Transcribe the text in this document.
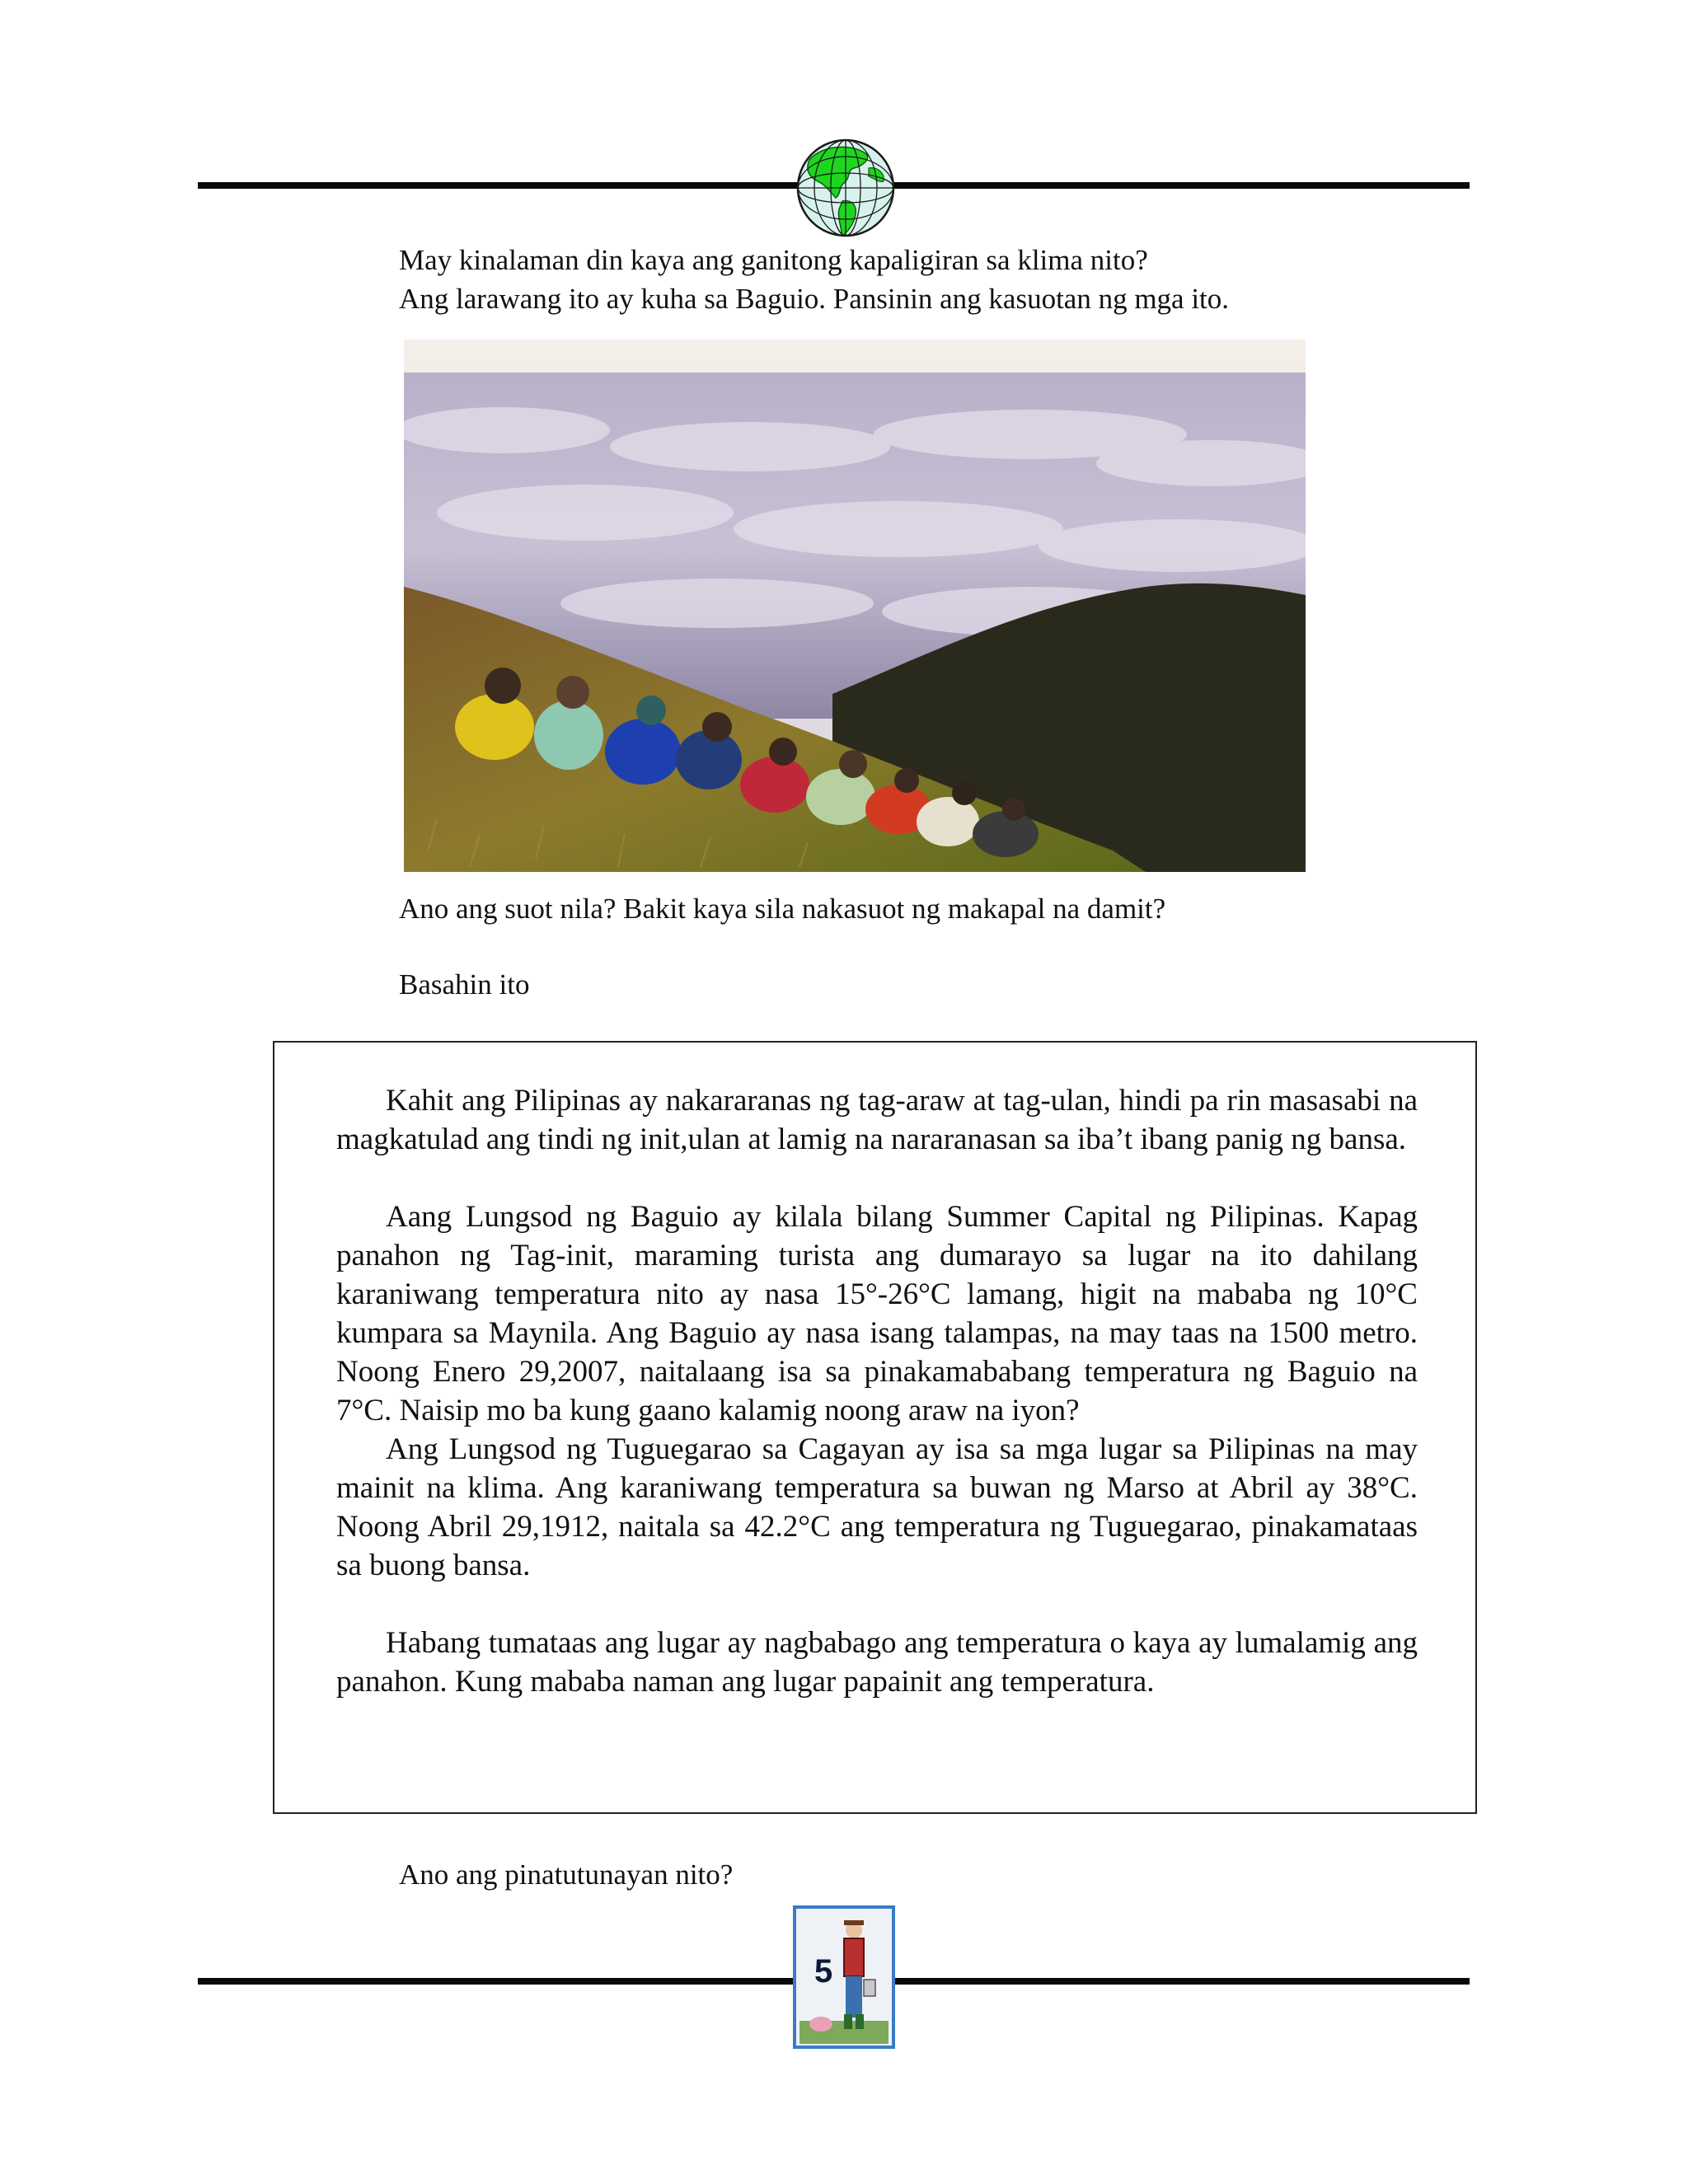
May kinalaman din kaya ang ganitong kapaligiran sa klima nito?
Ang larawang ito ay kuha sa Baguio. Pansinin ang kasuotan ng mga ito.
Ano ang suot nila? Bakit kaya sila nakasuot ng makapal na damit?
Basahin ito

Kahit ang Pilipinas ay nakararanas ng tag-araw at tag-ulan, hindi pa rin masasabi na magkatulad ang tindi ng init,ulan at lamig na nararanasan sa iba’t ibang panig ng bansa.

Aang Lungsod ng Baguio ay kilala bilang Summer Capital ng Pilipinas. Kapag panahon ng Tag-init, maraming turista ang dumarayo sa lugar na ito dahilang karaniwang temperatura nito ay nasa 15°-26°C lamang, higit na mababa ng 10°C kumpara sa Maynila. Ang Baguio ay nasa isang talampas, na may taas na 1500 metro. Noong Enero 29,2007, naitalaang isa sa pinakamababang temperatura ng Baguio na 7°C. Naisip mo ba kung gaano kalamig noong araw na iyon?

Ang Lungsod ng Tuguegarao sa Cagayan ay isa sa mga lugar sa Pilipinas na may mainit na klima. Ang karaniwang temperatura sa buwan ng Marso at Abril ay 38°C. Noong Abril 29,1912, naitala sa 42.2°C ang temperatura ng Tuguegarao, pinakamataas sa buong bansa.

Habang tumataas ang lugar ay nagbabago ang temperatura o kaya ay lumalamig ang panahon. Kung mababa naman ang lugar papainit ang temperatura.

Ano ang pinatutunayan nito?
5
